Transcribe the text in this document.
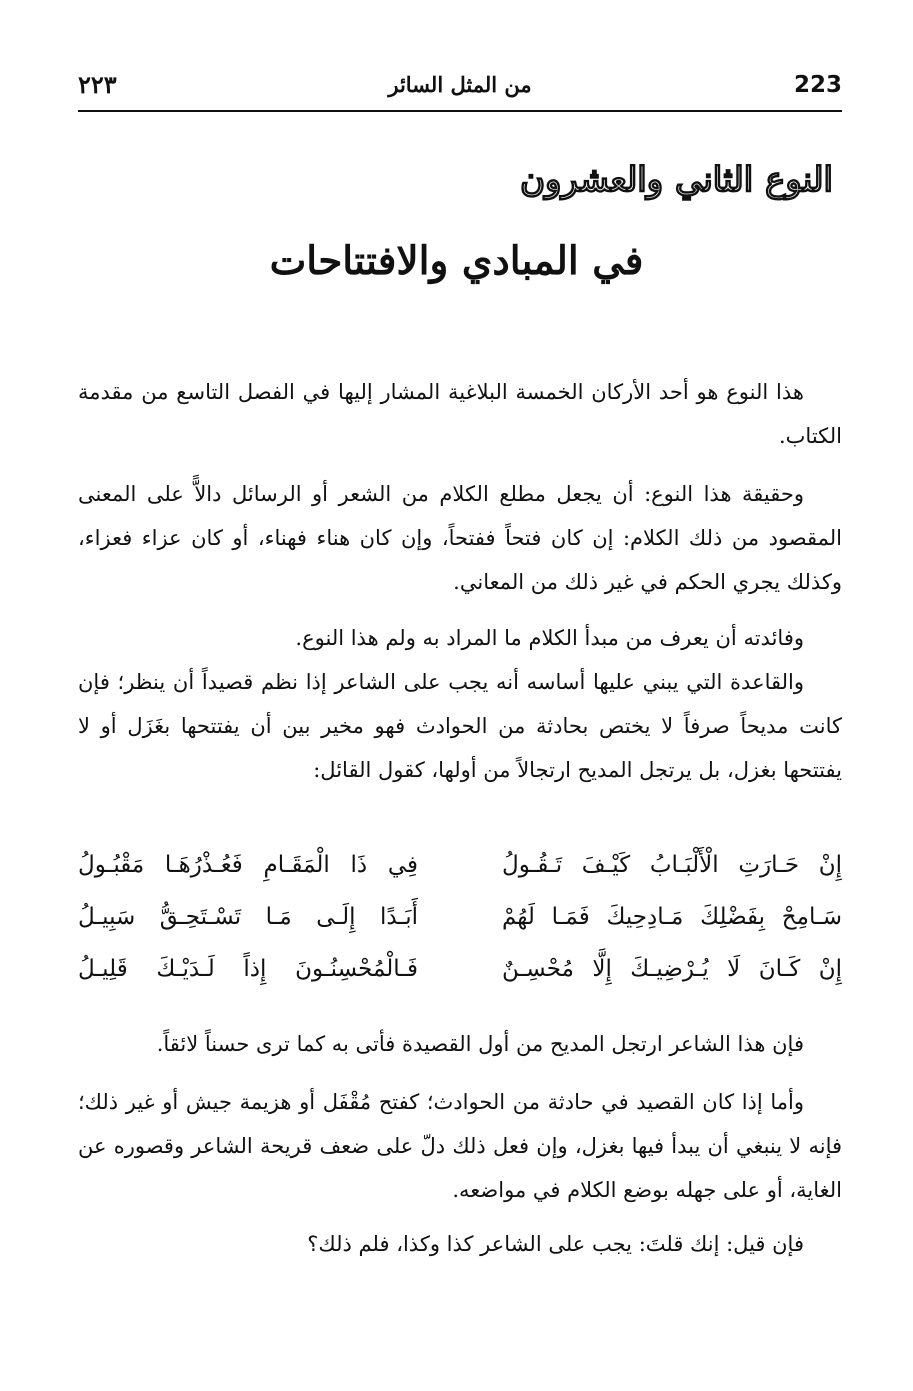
223
من المثل السائر
٢٢٣
النوع الثاني والعشرون
في المبادي والافتتاحات

هذا النوع هو أحد الأركان الخمسة البلاغية المشار إليها في الفصل التاسع من مقدمة الكتاب.

وحقيقة هذا النوع: أن يجعل مطلع الكلام من الشعر أو الرسائل دالاًّ على المعنى المقصود من ذلك الكلام: إن كان فتحاً ففتحاً، وإن كان هناء فهناء، أو كان عزاء فعزاء، وكذلك يجري الحكم في غير ذلك من المعاني.

وفائدته أن يعرف من مبدأ الكلام ما المراد به ولم هذا النوع.

والقاعدة التي يبني عليها أساسه أنه يجب على الشاعر إذا نظم قصيداً أن ينظر؛ فإن كانت مديحاً صرفاً لا يختص بحادثة من الحوادث فهو مخير بين أن يفتتحها بغَزَل أو لا يفتتحها بغزل، بل يرتجل المديح ارتجالاً من أولها، كقول القائل:

إِنْ حَـارَتِ الْأَلْبَـابُ كَيْـفَ تَـقُـولُ
فِي ذَا الْمَقَـامِ فَعُـذْرُهَـا مَقْبُـولُ
سَـامِحْ بِفَضْلِكَ مَـادِحِيكَ فَمَـا لَهُمْ
أَبَـدًا إِلَـى مَـا تَسْـتَحِـقُّ سَبِيـلُ
إِنْ كَـانَ لَا يُـرْضِيـكَ إِلَّا مُحْسِـنٌ
فَـالْمُحْسِنُـونَ إِذاً لَـدَيْـكَ قَلِيـلُ

فإن هذا الشاعر ارتجل المديح من أول القصيدة فأتى به كما ترى حسناً لائقاً.

وأما إذا كان القصيد في حادثة من الحوادث؛ كفتح مُقْفَل أو هزيمة جيش أو غير ذلك؛ فإنه لا ينبغي أن يبدأ فيها بغزل، وإن فعل ذلك دلّ على ضعف قريحة الشاعر وقصوره عن الغاية، أو على جهله بوضع الكلام في مواضعه.

فإن قيل: إنك قلتَ: يجب على الشاعر كذا وكذا، فلم ذلك؟
